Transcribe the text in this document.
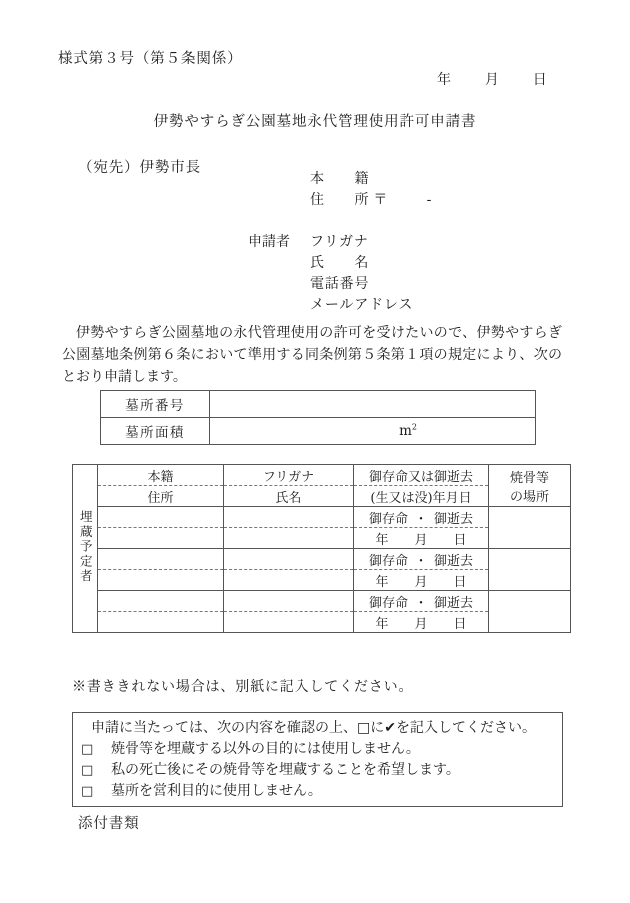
様式第３号（第５条関係）
年 月 日
伊勢やすらぎ公園墓地永代管理使用許可申請書
（宛先）伊勢市長
本　　籍
住　　所 〒	-
申請者	フリガナ
氏　　名
電話番号
メールアドレス

伊勢やすらぎ公園墓地の永代管理使用の許可を受けたいので、伊勢やすらぎ公園墓地条例第６条において準用する同条例第５条第１項の規定により、次のとおり申請します。

墓所番号	
墓所面積	$m^2$
埋蔵予定者	本籍	フリガナ	御存命又は御逝去	焼骨等
の場所

	住所	氏名	(生又は没)年月日	
			御存命 ・ 御逝去	
			年 月 日	
			御存命 ・ 御逝去	
			年 月 日	
			御存命 ・ 御逝去	
			年 月 日	
※書ききれない場合は、別紙に記入してください。

申請に当たっては、次の内容を確認の上、□に✔を記入してください。

□	焼骨等を埋蔵する以外の目的には使用しません。
□	私の死亡後にその焼骨等を埋蔵することを希望します。
□	墓所を営利目的に使用しません。
添付書類
